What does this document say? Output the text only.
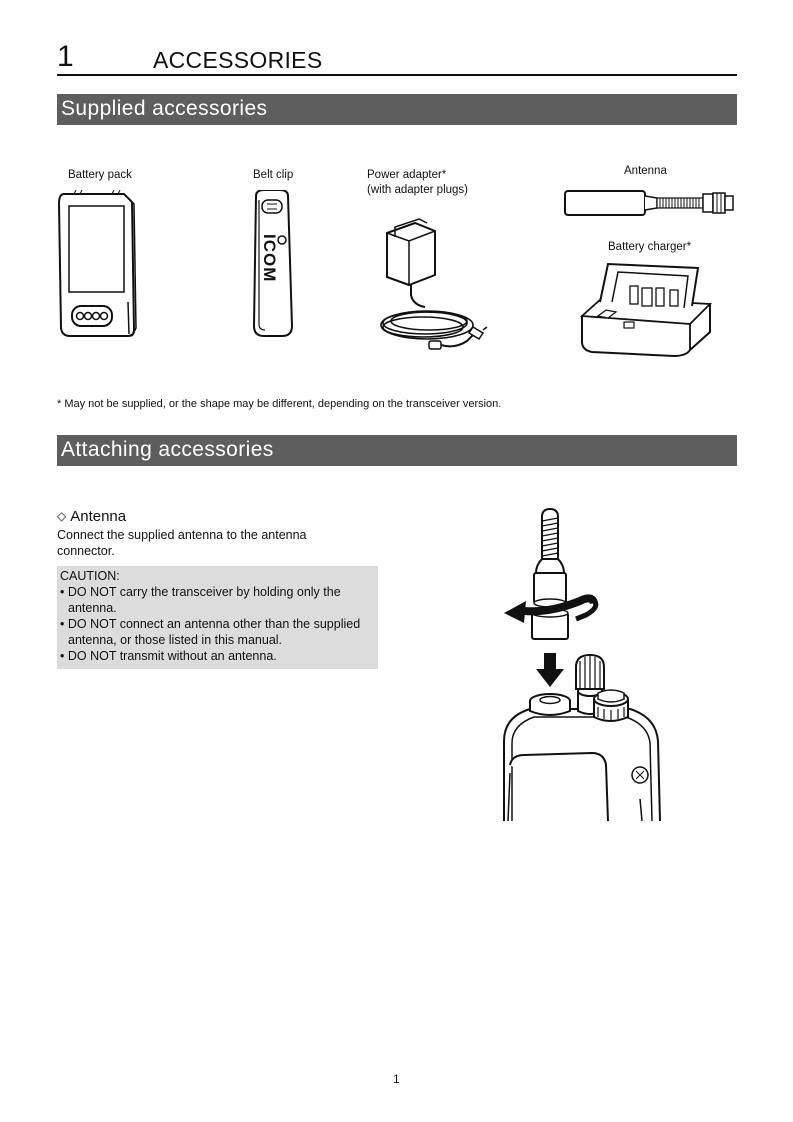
1	ACCESSORIES
Supplied accessories
Battery pack	Belt clip	Power adapter*
(with adapter plugs)
Antenna
Battery charger*
ICOM
* May not be supplied, or the shape may be different, depending on the transceiver version.
Attaching accessories
◇ Antenna
Connect the supplied antenna to the antenna connector.
CAUTION:
• DO NOT carry the transceiver by holding only the antenna.
• DO NOT connect an antenna other than the supplied antenna, or those listed in this manual.
• DO NOT transmit without an antenna.
1
